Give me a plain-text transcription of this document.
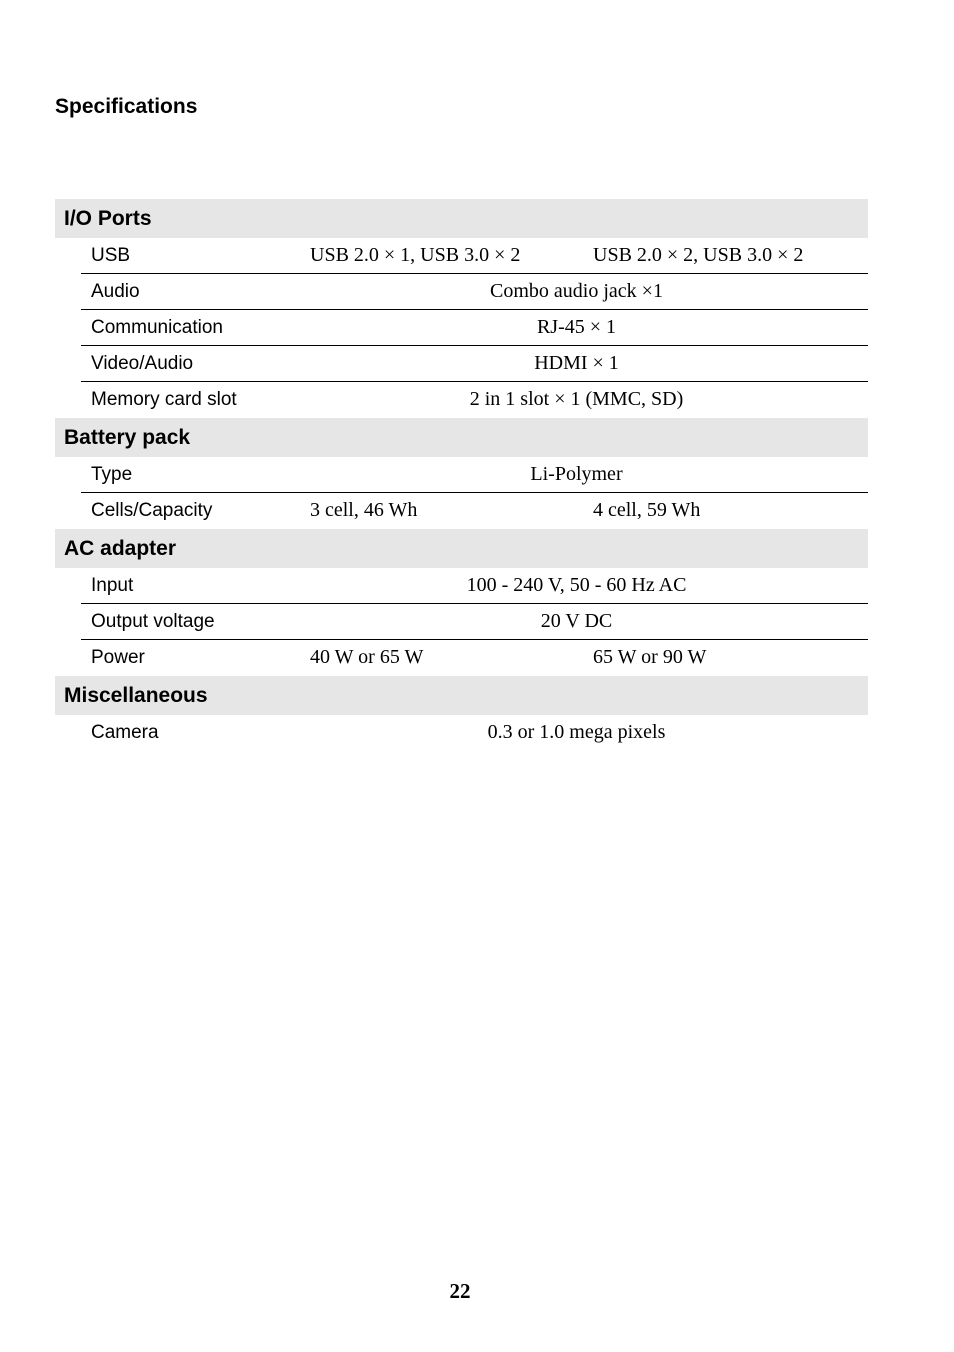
Specifications
I/O Ports
USB	USB 2.0 × 1, USB 3.0 × 2	USB 2.0 × 2, USB 3.0 × 2
Audio	Combo audio jack ×1
Communication	RJ-45 × 1
Video/Audio	HDMI × 1
Memory card slot	2 in 1 slot × 1 (MMC, SD)
Battery pack
Type	Li-Polymer
Cells/Capacity	3 cell, 46 Wh	4 cell, 59 Wh
AC adapter
Input	100 - 240 V, 50 - 60 Hz AC
Output voltage	20 V DC
Power	40 W or 65 W	65 W or 90 W
Miscellaneous
Camera	0.3 or 1.0 mega pixels
22
